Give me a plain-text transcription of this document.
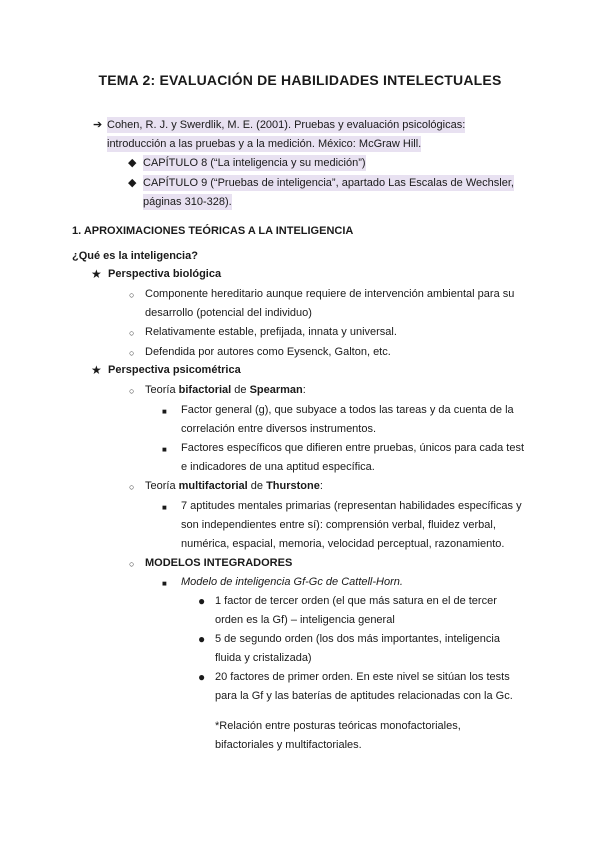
TEMA 2: EVALUACIÓN DE HABILIDADES INTELECTUALES
➔ Cohen, R. J. y Swerdlik, M. E. (2001). Pruebas y evaluación psicológicas:
introducción a las pruebas y a la medición. México: McGraw Hill.
◆ CAPÍTULO 8 (“La inteligencia y su medición”)
◆ CAPÍTULO 9 (“Pruebas de inteligencia”, apartado Las Escalas de Wechsler,
páginas 310-328).
1. APROXIMACIONES TEÓRICAS A LA INTELIGENCIA
¿Qué es la inteligencia?
★ Perspectiva biológica
○ Componente hereditario aunque requiere de intervención ambiental para su
desarrollo (potencial del individuo)
○ Relativamente estable, prefijada, innata y universal.
○ Defendida por autores como Eysenck, Galton, etc.
★ Perspectiva psicométrica
○ Teoría bifactorial de Spearman:
■ Factor general (g), que subyace a todos las tareas y da cuenta de la
correlación entre diversos instrumentos.
■ Factores específicos que difieren entre pruebas, únicos para cada test
e indicadores de una aptitud específica.
○ Teoría multifactorial de Thurstone:
■ 7 aptitudes mentales primarias (representan habilidades específicas y
son independientes entre sí): comprensión verbal, fluidez verbal,
numérica, espacial, memoria, velocidad perceptual, razonamiento.
○ MODELOS INTEGRADORES
■ Modelo de inteligencia Gf-Gc de Cattell-Horn.
● 1 factor de tercer orden (el que más satura en el de tercer
orden es la Gf) – inteligencia general
● 5 de segundo orden (los dos más importantes, inteligencia
fluida y cristalizada)
● 20 factores de primer orden. En este nivel se sitúan los tests
para la Gf y las baterías de aptitudes relacionadas con la Gc.
*Relación entre posturas teóricas monofactoriales,
bifactoriales y multifactoriales.
